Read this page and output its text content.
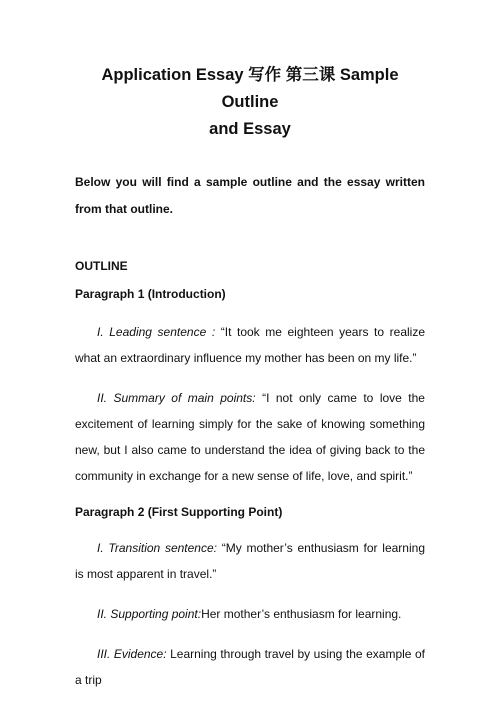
Application Essay 写作 第三课 Sample Outline
and Essay

Below you will find a sample outline and the essay written from that outline.

OUTLINE

Paragraph 1 (Introduction)

I. Leading sentence : “It took me eighteen years to realize what an extraordinary influence my mother has been on my life.”

II. Summary of main points: “I not only came to love the excitement of learning simply for the sake of knowing something new, but I also came to understand the idea of giving back to the community in exchange for a new sense of life, love, and spirit.”

Paragraph 2 (First Supporting Point)

I. Transition sentence: “My mother’s enthusiasm for learning is most apparent in travel.”

II. Supporting point:Her mother’s enthusiasm for learning.

III. Evidence: Learning through travel by using the example of a trip
